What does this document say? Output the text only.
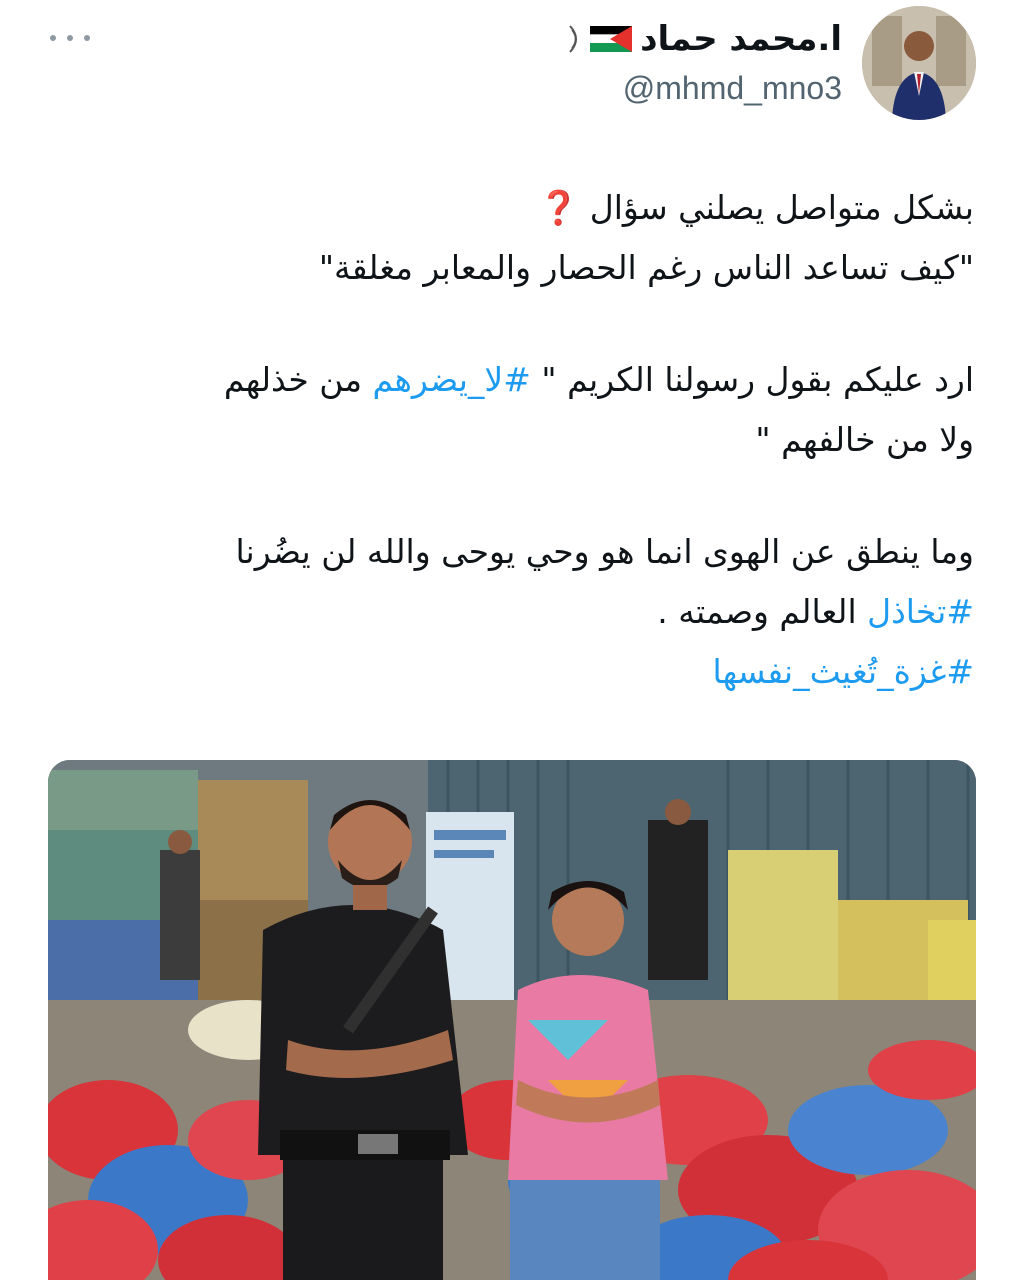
ا.محمد حماد
@mhmd_mno3
بشكل متواصل يصلني سؤال ❓
"كيف تساعد الناس رغم الحصار والمعابر مغلقة"
ارد عليكم بقول رسولنا الكريم " #لا_يضرهم من خذلهم
ولا من خالفهم "
وما ينطق عن الهوى انما هو وحي يوحى والله لن يضُرنا
#تخاذل العالم وصمته .
#غزة_تُغيث_نفسها
